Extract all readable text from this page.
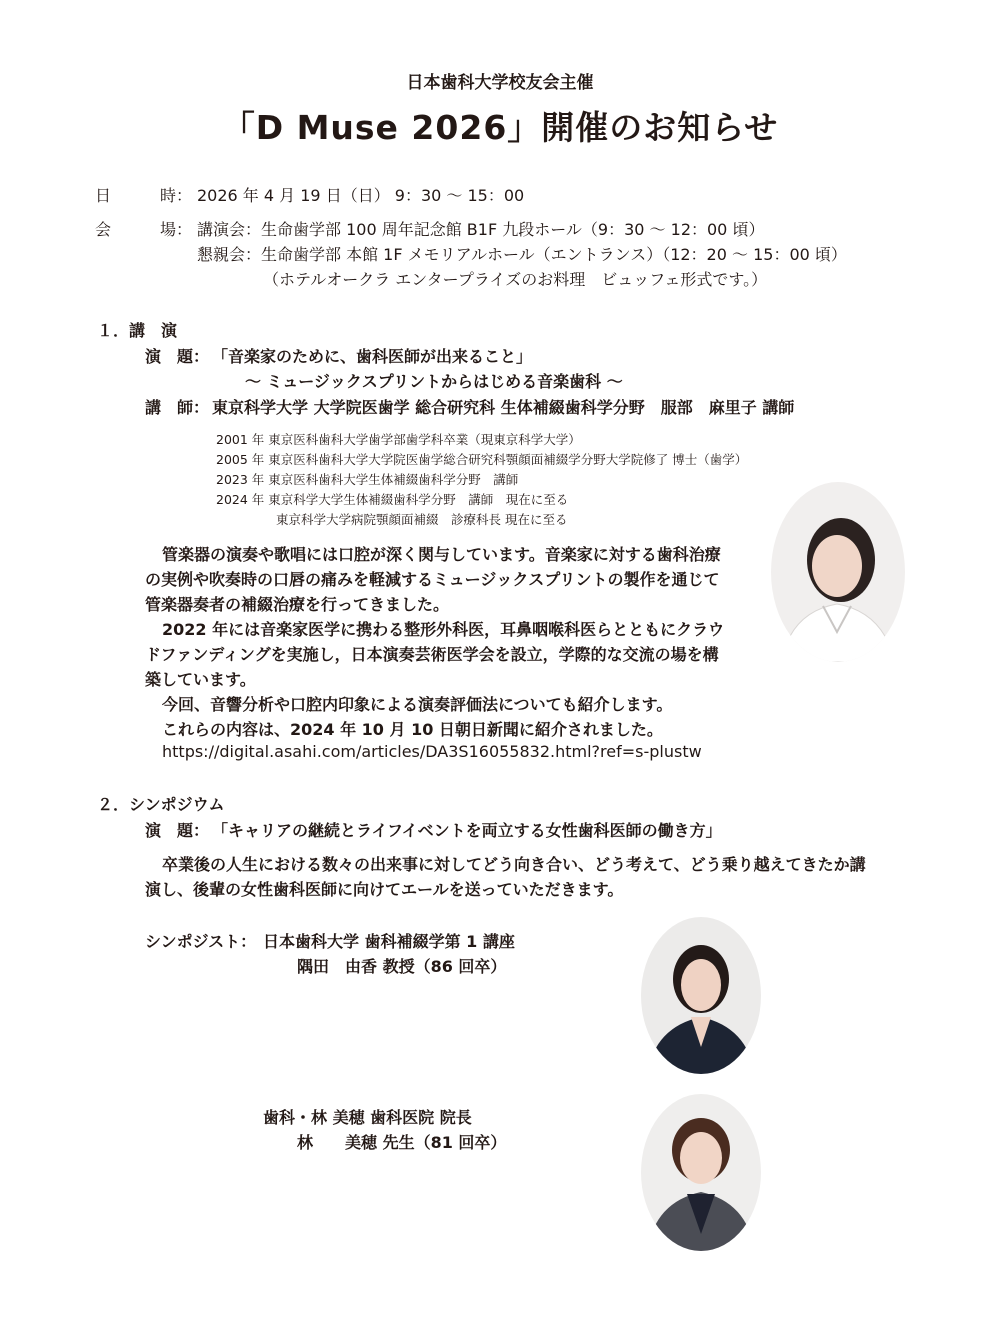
日本歯科大学校友会主催
「D Muse 2026」開催のお知らせ
日	時： 2026 年 4 月 19 日（日） 9：30 〜 15：00
会	場： 講演会：生命歯学部 100 周年記念館 B1F 九段ホール（9：30 〜 12：00 頃）
懇親会：生命歯学部 本館 1F メモリアルホール（エントランス）（12：20 〜 15：00 頃）
（ホテルオークラ エンタープライズのお料理　ビュッフェ形式です。）
１．講　演
演　題： 「音楽家のために、歯科医師が出来ること」
〜 ミュージックスプリントからはじめる音楽歯科 〜
講　師： 東京科学大学 大学院医歯学 総合研究科 生体補綴歯科学分野　服部　麻里子 講師
2001 年 東京医科歯科大学歯学部歯学科卒業（現東京科学大学）
2005 年 東京医科歯科大学大学院医歯学総合研究科顎顔面補綴学分野大学院修了 博士（歯学）
2023 年 東京医科歯科大学生体補綴歯科学分野　講師
2024 年 東京科学大学生体補綴歯科学分野　講師　現在に至る
東京科学大学病院顎顔面補綴　診療科長 現在に至る
管楽器の演奏や歌唱には口腔が深く関与しています。音楽家に対する歯科治療
の実例や吹奏時の口唇の痛みを軽減するミュージックスプリントの製作を通じて
管楽器奏者の補綴治療を行ってきました。
2022 年には音楽家医学に携わる整形外科医，耳鼻咽喉科医らとともにクラウ
ドファンディングを実施し，日本演奏芸術医学会を設立，学際的な交流の場を構
築しています。
今回、音響分析や口腔内印象による演奏評価法についても紹介します。
これらの内容は、2024 年 10 月 10 日朝日新聞に紹介されました。
https://digital.asahi.com/articles/DA3S16055832.html?ref=s-plustw
２．シンポジウム
演　題： 「キャリアの継続とライフイベントを両立する女性歯科医師の働き方」
卒業後の人生における数々の出来事に対してどう向き合い、どう考えて、どう乗り越えてきたか講
演し、後輩の女性歯科医師に向けてエールを送っていただきます。
シンポジスト： 日本歯科大学 歯科補綴学第 1 講座
隅田　由香 教授（86 回卒）
歯科・林 美穂 歯科医院 院長
林　　美穂 先生（81 回卒）
